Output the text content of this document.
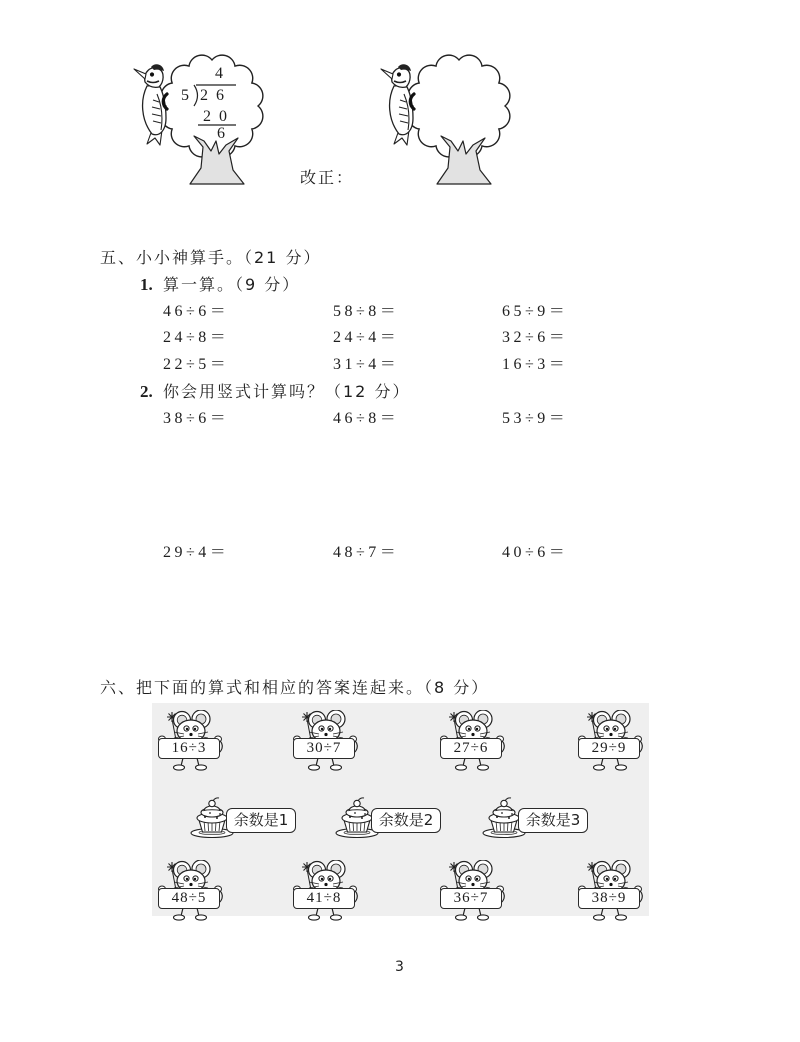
4
5 26
20
6
改正：
五、小小神算手。（21 分）
1. 算一算。（9 分）
46÷6＝	58÷8＝	65÷9＝
24÷8＝	24÷4＝	32÷6＝
22÷5＝	31÷4＝	16÷3＝
2. 你会用竖式计算吗？（12 分）
38÷6＝	46÷8＝	53÷9＝
29÷4＝	48÷7＝	40÷6＝
六、把下面的算式和相应的答案连起来。（8 分）
16÷3	30÷7	27÷6	29÷9
余数是1	余数是2	余数是3
48÷5	41÷8	36÷7	38÷9
3
